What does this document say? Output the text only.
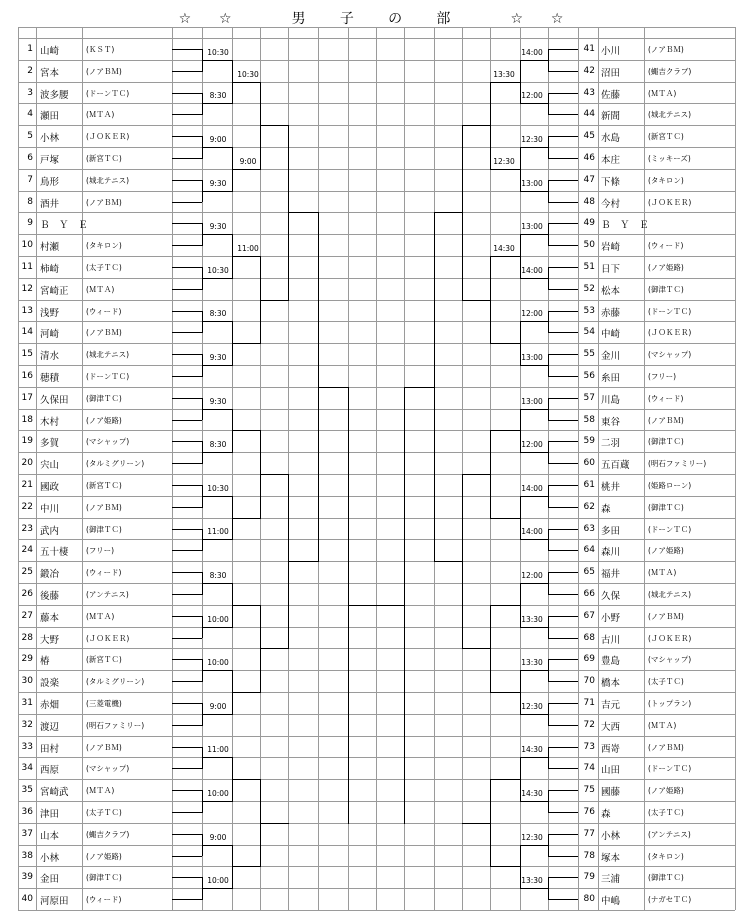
☆ ☆	男 子 の 部	☆ ☆
1 山崎	(ＫＳＴ)
2 宮本	(ノアＢＭ)
3 波多腰 (ドーンＴＣ)
4 瀬田	(ＭＴＡ)
5 小林	(ＪＯＫＥＲ)
6 戸塚	(新宮ＴＣ)
7 鳥形	(城北テニス)
8 酒井	(ノアＢＭ)
9 Ｂ　Ｙ　Ｅ
10 村瀬	(タキロン)
11 柿崎	(太子ＴＣ)
12 宮崎正 (ＭＴＡ)
13 浅野	(ウィード)
14 河崎	(ノアＢＭ)
15 清水	(城北テニス)
16 穂積	(ドーンＴＣ)
17 久保田 (御津ＴＣ)
18 木村	(ノア姫路)
19 多賀	(マシャップ)
20 宍山	(タルミグリーン)
21 國政	(新宮ＴＣ)
22 中川	(ノアＢＭ)
23 武内	(御津ＴＣ)
24 五十棲 (フリー)
25 鍛冶	(ウィード)
26 後藤	(アンテニス)
27 藤本	(ＭＴＡ)
28 大野	(ＪＯＫＥＲ)
29 椿	(新宮ＴＣ)
30 設楽	(タルミグリーン)
31 赤畑	(三菱電機)
32 渡辺	(明石ファミリー)
33 田村	(ノアＢＭ)
34 西原	(マシャップ)
35 宮崎武 (ＭＴＡ)
36 津田	(太子ＴＣ)
37 山本	(蝿吉クラブ)
38 小林	(ノア姫路)
39 金田	(御津ＴＣ)
40 河原田 (ウィード)
41 小川	(ノアＢＭ)
42 沼田	(蝿吉クラブ)
43 佐藤	(ＭＴＡ)
44 新間	(城北テニス)
45 水島	(新宮ＴＣ)
46 本庄	(ミッキーズ)
47 下條	(タキロン)
48 今村	(ＪＯＫＥＲ)
49 Ｂ　Ｙ　Ｅ
50 岩崎	(ウィード)
51 日下	(ノア姫路)
52 松本	(御津ＴＣ)
53 赤藤	(ドーンＴＣ)
54 中崎	(ＪＯＫＥＲ)
55 金川	(マシャップ)
56 糸田	(フリー)
57 川島	(ウィード)
58 東谷	(ノアＢＭ)
59 二羽	(御津ＴＣ)
60 五百蔵 (明石ファミリー)
61 桃井	(姫路ローン)
62 森	(御津ＴＣ)
63 多田	(ドーンＴＣ)
64 森川	(ノア姫路)
65 福井	(ＭＴＡ)
66 久保	(城北テニス)
67 小野	(ノアＢＭ)
68 古川	(ＪＯＫＥＲ)
69 豊島	(マシャップ)
70 橋本	(太子ＴＣ)
71 吉元	(トップラン)
72 大西	(ＭＴＡ)
73 西嵜	(ノアＢＭ)
74 山田	(ドーンＴＣ)
75 國藤	(ノア姫路)
76 森	(太子ＴＣ)
77 小林	(アンテニス)
78 塚本	(タキロン)
79 三浦	(御津ＴＣ)
80 中嶋	(ナガセＴＣ)
10:30
8:30
9:00
9:30
9:30
10:30
8:30
9:30
9:30
8:30
10:30
11:00
8:30
10:00
10:00
9:00
11:00
10:00
9:00
10:00
10:30
9:00
11:00
14:00
12:00
12:30
13:00
13:00
14:00
12:00
13:00
13:00
12:00
14:00
14:00
12:00
13:30
13:30
12:30
14:30
14:30
12:30
13:30
13:30
12:30
14:30
